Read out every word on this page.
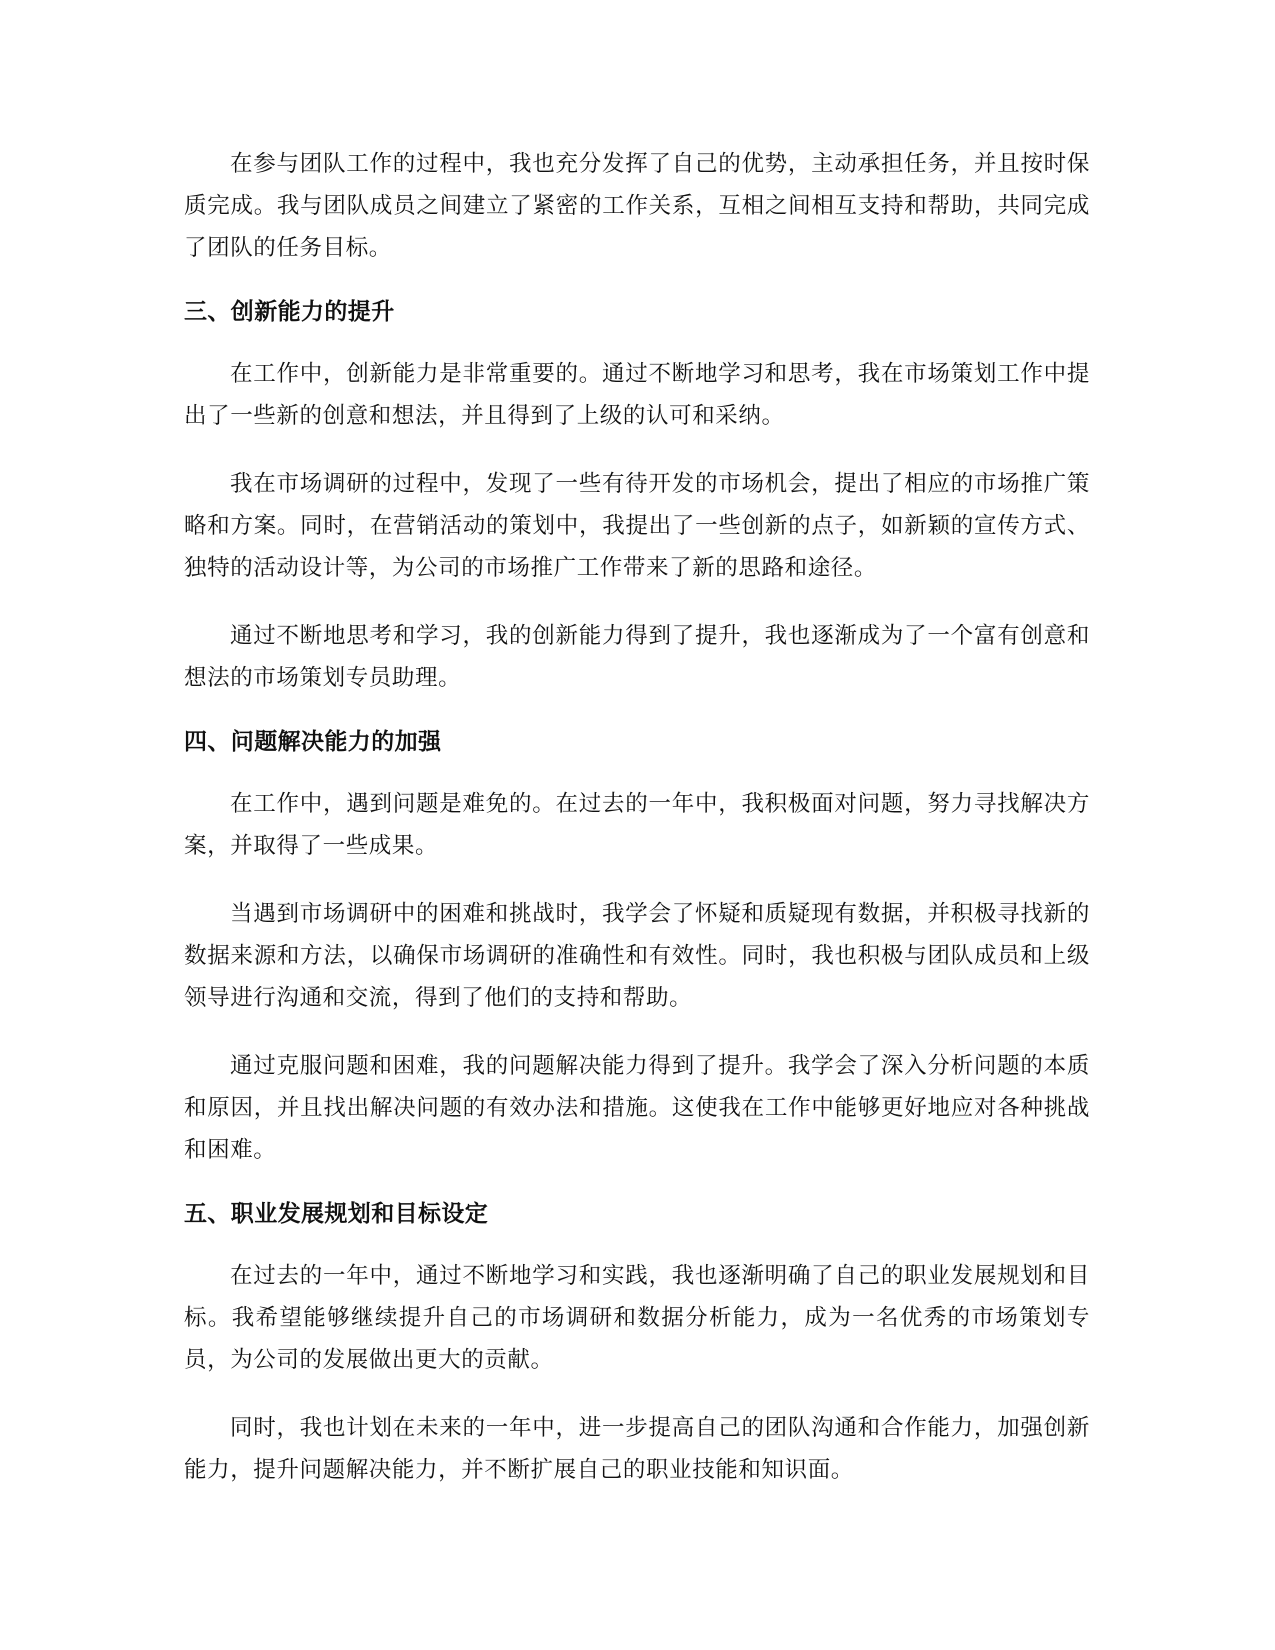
在参与团队工作的过程中，我也充分发挥了自己的优势，主动承担任务，并且按时保质完成。我与团队成员之间建立了紧密的工作关系，互相之间相互支持和帮助，共同完成了团队的任务目标。

三、创新能力的提升

在工作中，创新能力是非常重要的。通过不断地学习和思考，我在市场策划工作中提出了一些新的创意和想法，并且得到了上级的认可和采纳。

我在市场调研的过程中，发现了一些有待开发的市场机会，提出了相应的市场推广策略和方案。同时，在营销活动的策划中，我提出了一些创新的点子，如新颖的宣传方式、独特的活动设计等，为公司的市场推广工作带来了新的思路和途径。

通过不断地思考和学习，我的创新能力得到了提升，我也逐渐成为了一个富有创意和想法的市场策划专员助理。

四、问题解决能力的加强

在工作中，遇到问题是难免的。在过去的一年中，我积极面对问题，努力寻找解决方案，并取得了一些成果。

当遇到市场调研中的困难和挑战时，我学会了怀疑和质疑现有数据，并积极寻找新的数据来源和方法，以确保市场调研的准确性和有效性。同时，我也积极与团队成员和上级领导进行沟通和交流，得到了他们的支持和帮助。

通过克服问题和困难，我的问题解决能力得到了提升。我学会了深入分析问题的本质和原因，并且找出解决问题的有效办法和措施。这使我在工作中能够更好地应对各种挑战和困难。

五、职业发展规划和目标设定

在过去的一年中，通过不断地学习和实践，我也逐渐明确了自己的职业发展规划和目标。我希望能够继续提升自己的市场调研和数据分析能力，成为一名优秀的市场策划专员，为公司的发展做出更大的贡献。

同时，我也计划在未来的一年中，进一步提高自己的团队沟通和合作能力，加强创新能力，提升问题解决能力，并不断扩展自己的职业技能和知识面。
